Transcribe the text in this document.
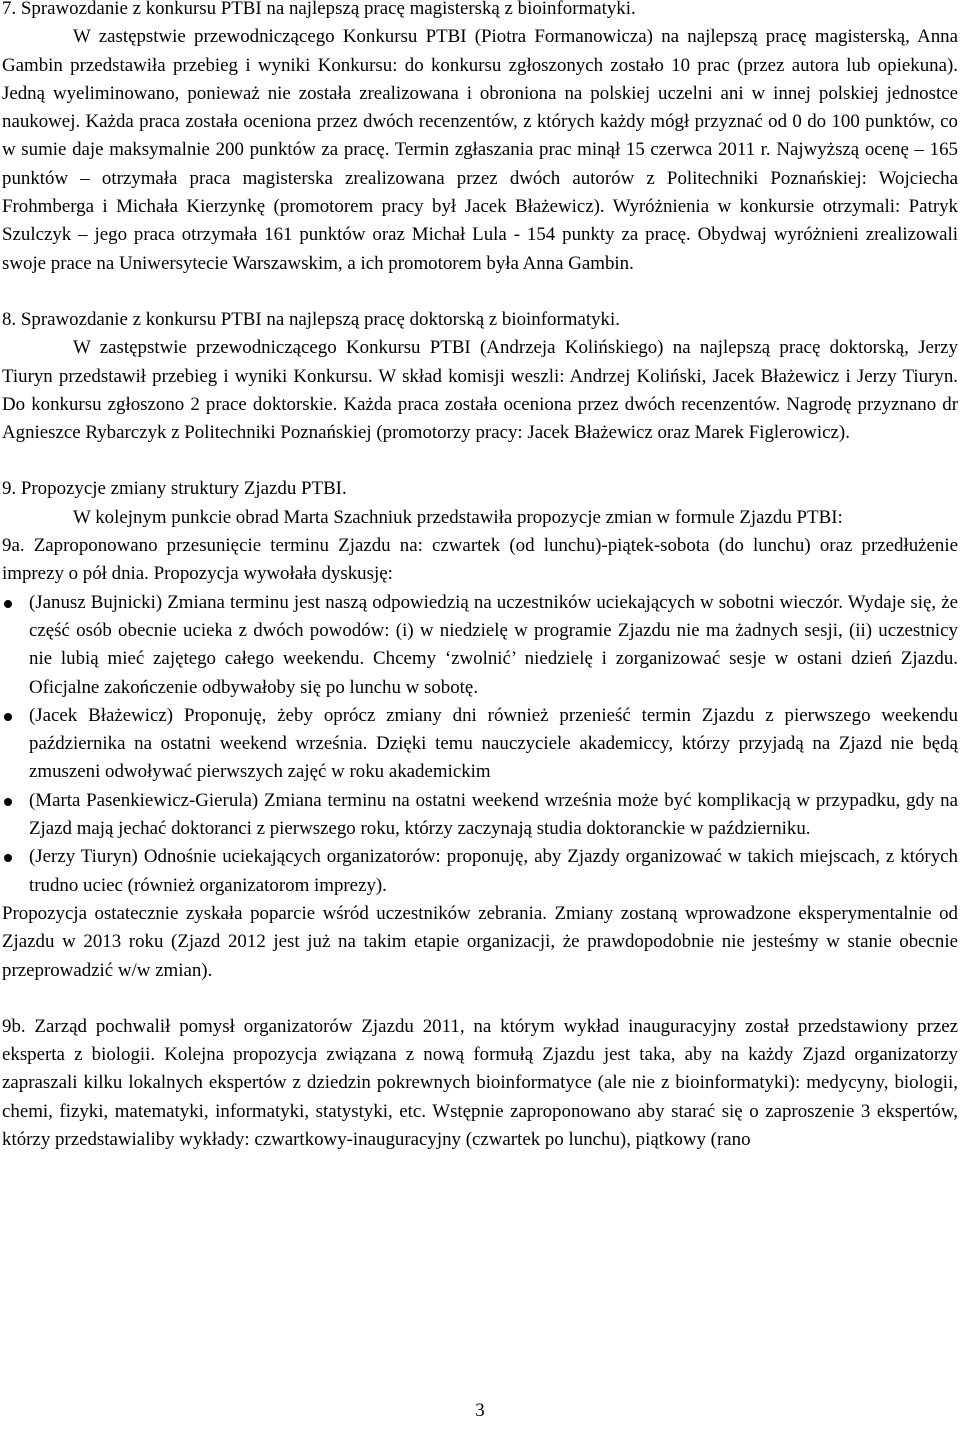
7. Sprawozdanie z konkursu PTBI na najlepszą pracę magisterską z bioinformatyki.

W zastępstwie przewodniczącego Konkursu PTBI (Piotra Formanowicza) na najlepszą pracę magisterską, Anna Gambin przedstawiła przebieg i wyniki Konkursu: do konkursu zgłoszonych zostało 10 prac (przez autora lub opiekuna). Jedną wyeliminowano, ponieważ nie została zrealizowana i obroniona na polskiej uczelni ani w innej polskiej jednostce naukowej. Każda praca została oceniona przez dwóch recenzentów, z których każdy mógł przyznać od 0 do 100 punktów, co w sumie daje maksymalnie 200 punktów za pracę. Termin zgłaszania prac minął 15 czerwca 2011 r. Najwyższą ocenę – 165 punktów – otrzymała praca magisterska zrealizowana przez dwóch autorów z Politechniki Poznańskiej: Wojciecha Frohmberga i Michała Kierzynkę (promotorem pracy był Jacek Błażewicz). Wyróżnienia w konkursie otrzymali: Patryk Szulczyk – jego praca otrzymała 161 punktów oraz Michał Lula - 154 punkty za pracę. Obydwaj wyróżnieni zrealizowali swoje prace na Uniwersytecie Warszawskim, a ich promotorem była Anna Gambin.

8. Sprawozdanie z konkursu PTBI na najlepszą pracę doktorską z bioinformatyki.

W zastępstwie przewodniczącego Konkursu PTBI (Andrzeja Kolińskiego) na najlepszą pracę doktorską, Jerzy Tiuryn przedstawił przebieg i wyniki Konkursu. W skład komisji weszli: Andrzej Koliński, Jacek Błażewicz i Jerzy Tiuryn. Do konkursu zgłoszono 2 prace doktorskie. Każda praca została oceniona przez dwóch recenzentów. Nagrodę przyznano dr Agnieszce Rybarczyk z Politechniki Poznańskiej (promotorzy pracy: Jacek Błażewicz oraz Marek Figlerowicz).

9. Propozycje zmiany struktury Zjazdu PTBI.

W kolejnym punkcie obrad Marta Szachniuk przedstawiła propozycje zmian w formule Zjazdu PTBI:

9a. Zaproponowano przesunięcie terminu Zjazdu na: czwartek (od lunchu)-piątek-sobota (do lunchu) oraz przedłużenie imprezy o pół dnia. Propozycja wywołała dyskusję:

(Janusz Bujnicki) Zmiana terminu jest naszą odpowiedzią na uczestników uciekających w sobotni wieczór. Wydaje się, że część osób obecnie ucieka z dwóch powodów: (i) w niedzielę w programie Zjazdu nie ma żadnych sesji, (ii) uczestnicy nie lubią mieć zajętego całego weekendu. Chcemy ‘zwolnić’ niedzielę i zorganizować sesje w ostani dzień Zjazdu. Oficjalne zakończenie odbywałoby się po lunchu w sobotę.
(Jacek Błażewicz) Proponuję, żeby oprócz zmiany dni również przenieść termin Zjazdu z pierwszego weekendu października na ostatni weekend września. Dzięki temu nauczyciele akademiccy, którzy przyjadą na Zjazd nie będą zmuszeni odwoływać pierwszych zajęć w roku akademickim
(Marta Pasenkiewicz-Gierula) Zmiana terminu na ostatni weekend września może być komplikacją w przypadku, gdy na Zjazd mają jechać doktoranci z pierwszego roku, którzy zaczynają studia doktoranckie w październiku.
(Jerzy Tiuryn) Odnośnie uciekających organizatorów: proponuję, aby Zjazdy organizować w takich miejscach, z których trudno uciec (również organizatorom imprezy).

Propozycja ostatecznie zyskała poparcie wśród uczestników zebrania. Zmiany zostaną wprowadzone eksperymentalnie od Zjazdu w 2013 roku (Zjazd 2012 jest już na takim etapie organizacji, że prawdopodobnie nie jesteśmy w stanie obecnie przeprowadzić w/w zmian).

9b. Zarząd pochwalił pomysł organizatorów Zjazdu 2011, na którym wykład inauguracyjny został przedstawiony przez eksperta z biologii. Kolejna propozycja związana z nową formułą Zjazdu jest taka, aby na każdy Zjazd organizatorzy zapraszali kilku lokalnych ekspertów z dziedzin pokrewnych bioinformatyce (ale nie z bioinformatyki): medycyny, biologii, chemi, fizyki, matematyki, informatyki, statystyki, etc. Wstępnie zaproponowano aby starać się o zaproszenie 3 ekspertów, którzy przedstawialiby wykłady: czwartkowy-inauguracyjny (czwartek po lunchu), piątkowy (rano

3
